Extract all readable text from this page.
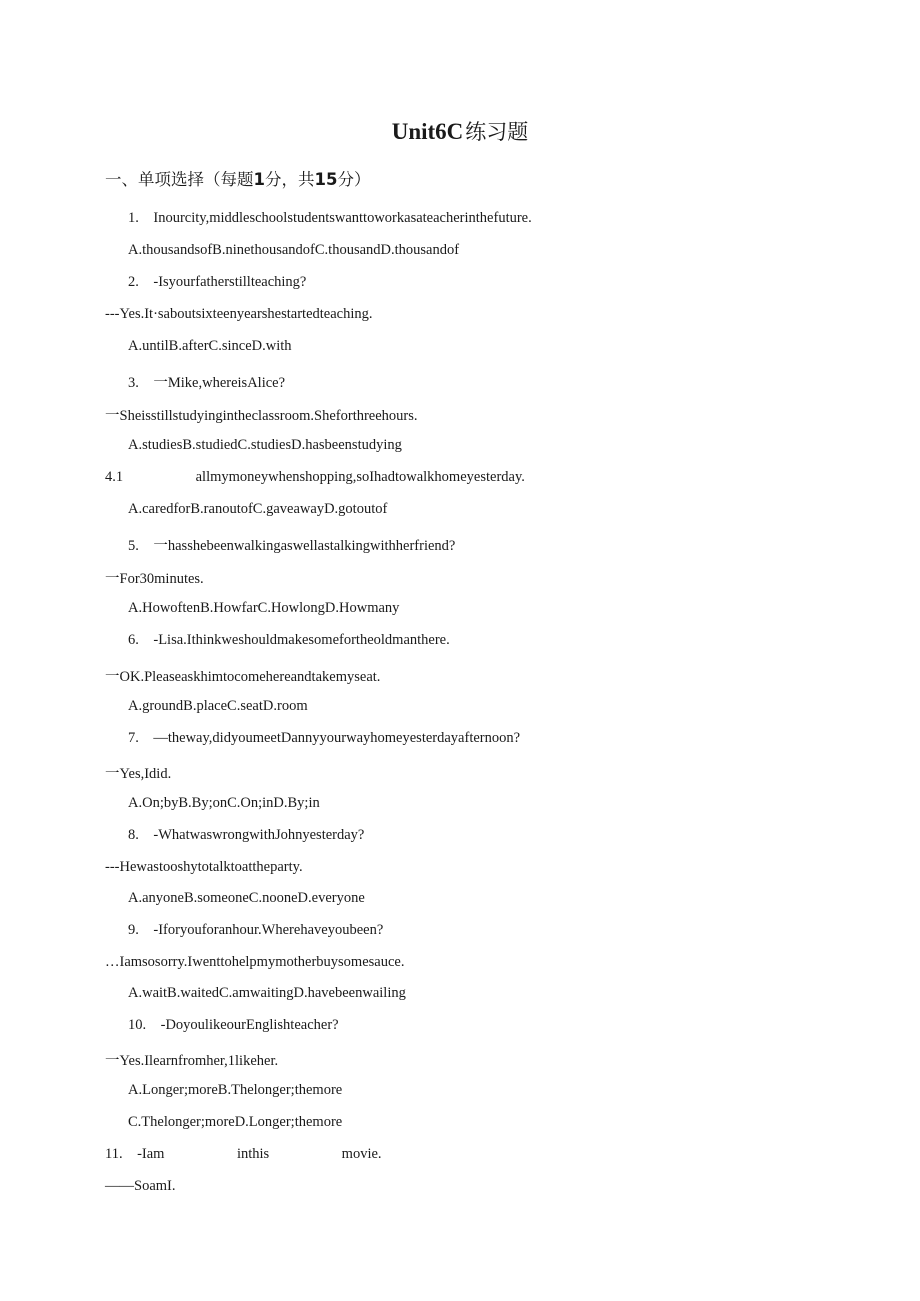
Unit6C练习题
一、单项选择（每题1分，共15分）
1. Inourcity,middleschoolstudentswanttoworkasateacherinthefuture.
A.thousandsofB.ninethousandofC.thousandD.thousandof
2. -Isyourfatherstillteaching?
---Yes.It·saboutsixteenyearshestartedteaching.
A.untilB.afterC.sinceD.with
3. 一Mike,whereisAlice?
一Sheisstillstudyingintheclassroom.Sheforthreehours.
A.studiesB.studiedC.studiesD.hasbeenstudying
4.1                    allmymoneywhenshopping,soIhadtowalkhomeyesterday.
A.caredforB.ranoutofC.gaveawayD.gotoutof
5. 一hasshebeenwalkingaswellastalkingwithherfriend?
一For30minutes.
A.HowoftenB.HowfarC.HowlongD.Howmany
6. -Lisa.Ithinkweshouldmakesomefortheoldmanthere.
一OK.Pleaseaskhimtocomehereandtakemyseat.
A.groundB.placeC.seatD.room
7. —theway,didyoumeetDannyyourwayhomeyesterdayafternoon?
一Yes,Idid.
A.On;byB.By;onC.On;inD.By;in
8. -WhatwaswrongwithJohnyesterday?
---Hewastooshytotalktoattheparty.
A.anyoneB.someoneC.nooneD.everyone
9. -Iforyouforanhour.Wherehaveyoubeen?
…Iamsosorry.Iwenttohelpmymotherbuysomesauce.
A.waitB.waitedC.amwaitingD.havebeenwailing
10. -DoyoulikeourEnglishteacher?
一Yes.Ilearnfromher,1likeher.
A.Longer;moreB.Thelonger;themore
C.Thelonger;moreD.Longer;themore
11. -Iam                    inthis                    movie.
——SoamI.
